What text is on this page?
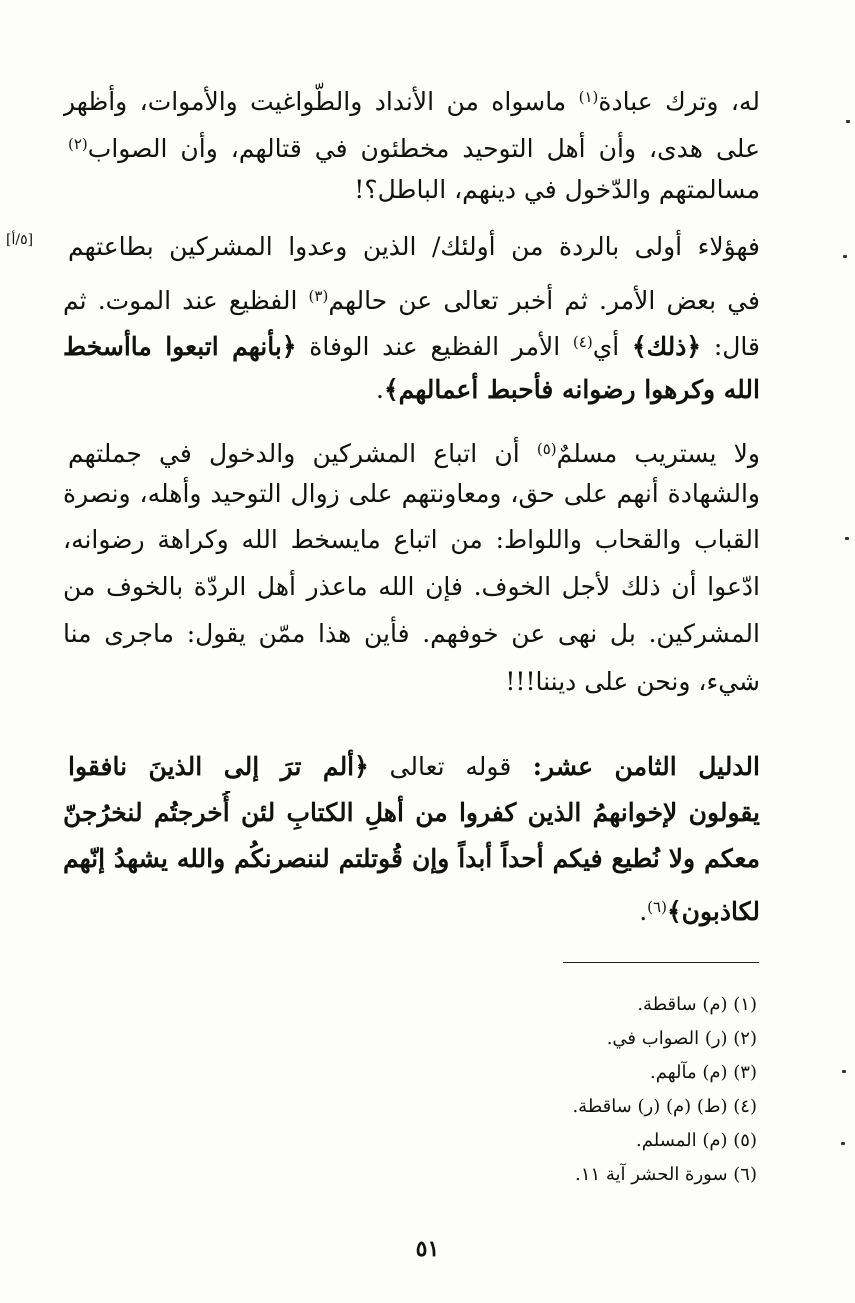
[٥/أ]
له، وترك عبادة$^{(١)}$ ماسواه من الأنداد والطّواغيت والأموات، وأظهر
على هدى، وأن أهل التوحيد مخطئون في قتالهم، وأن الصواب$^{(٢)}$
مسالمتهم والدّخول في دينهم، الباطل؟!
فهؤلاء أولى بالردة من أولئك/ الذين وعدوا المشركين بطاعتهم
في بعض الأمر. ثم أخبر تعالى عن حالهم$^{(٣)}$ الفظيع عند الموت. ثم
قال: ﴿ذلك﴾ أي$^{(٤)}$ الأمر الفظيع عند الوفاة ﴿بأنهم اتبعوا ماأسخط
الله وكرهوا رضوانه فأحبط أعمالهم﴾.
ولا يستريب مسلمٌ$^{(٥)}$ أن اتباع المشركين والدخول في جملتهم
والشهادة أنهم على حق، ومعاونتهم على زوال التوحيد وأهله، ونصرة
القباب والقحاب واللواط: من اتباع مايسخط الله وكراهة رضوانه،
ادّعوا أن ذلك لأجل الخوف. فإن الله ماعذر أهل الردّة بالخوف من
المشركين. بل نهى عن خوفهم. فأين هذا ممّن يقول: ماجرى منا
شيء، ونحن على ديننا!!!
الدليل الثامن عشر: قوله تعالى ﴿ألم ترَ إلى الذينَ نافقوا
يقولون لإخوانهمُ الذين كفروا من أهلِ الكتابِ لئن أُخرجتُم لنخرُجنّ
معكم ولا نُطيع فيكم أحداً أبداً وإن قُوتلتم لننصرنكُم والله يشهدُ إنّهم
لكاذبون﴾$^{(٦)}$.
(١) (م) ساقطة.
(٢) (ر) الصواب في.
(٣) (م) مآلهم.
(٤) (ط) (م) (ر) ساقطة.
(٥) (م) المسلم.
(٦) سورة الحشر آية ١١.
٥١
